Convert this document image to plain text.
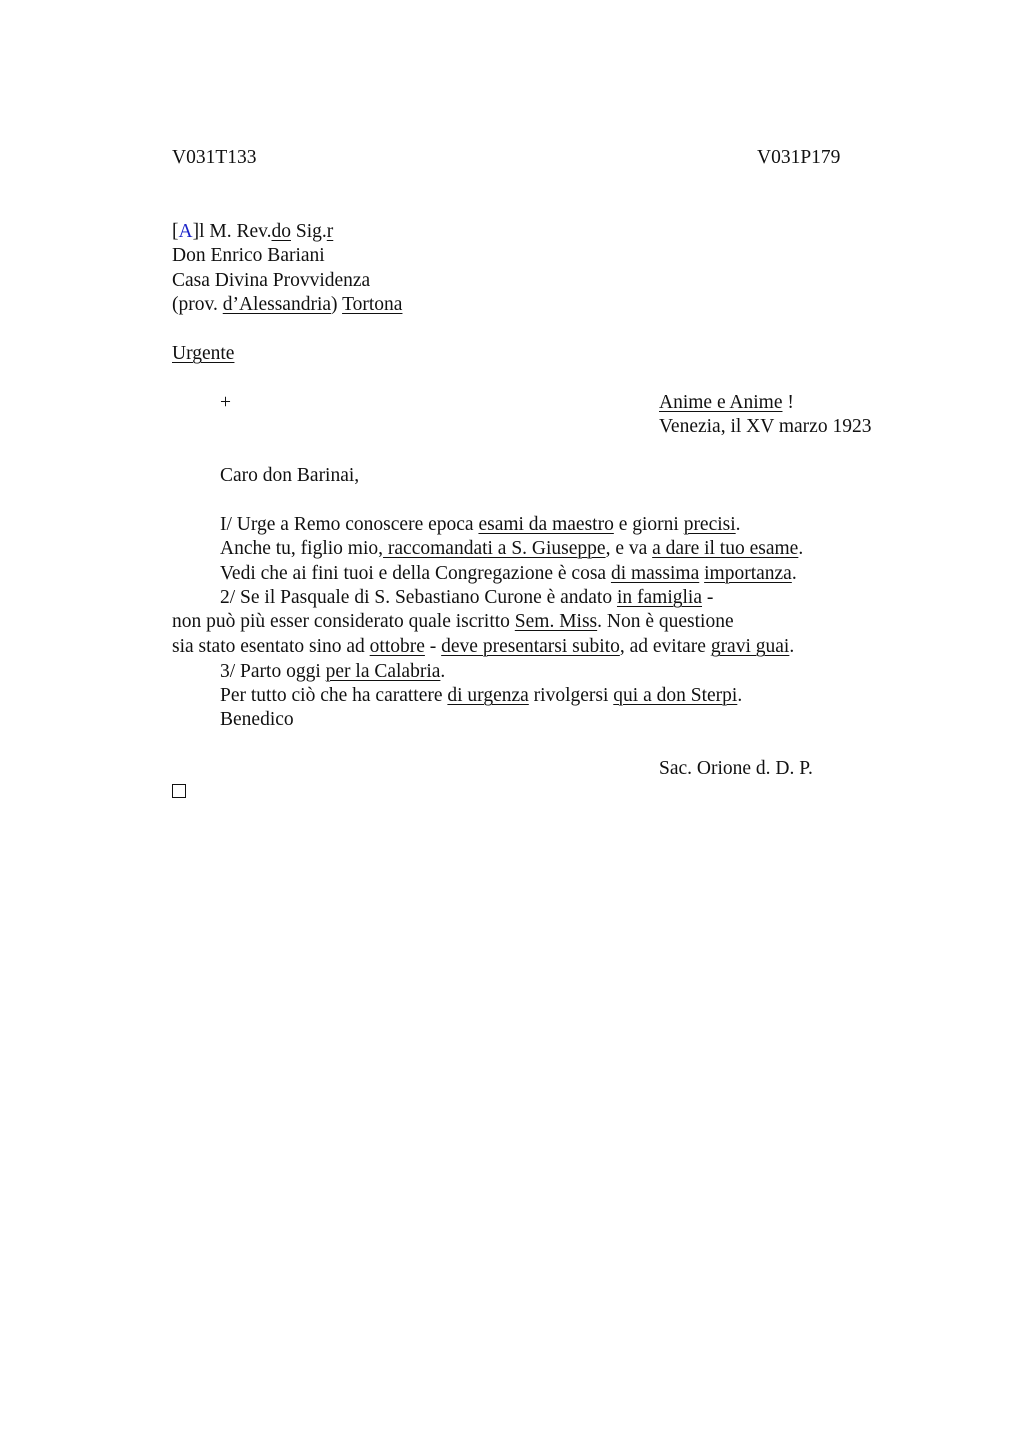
V031T133	V031P179
[A]l M. Rev.do Sig.r
Don Enrico Bariani
Casa Divina Provvidenza
(prov. d’Alessandria) Tortona
Urgente
+	Anime e Anime !
Venezia, il XV marzo 1923
Caro don Barinai,
I/ Urge a Remo conoscere epoca esami da maestro e giorni precisi.
Anche tu, figlio mio, raccomandati a S. Giuseppe, e va a dare il tuo esame.
Vedi che ai fini tuoi e della Congregazione è cosa di massima importanza.
2/ Se il Pasquale di S. Sebastiano Curone è andato in famiglia -
non può più esser considerato quale iscritto Sem. Miss. Non è questione
sia stato esentato sino ad ottobre - deve presentarsi subito, ad evitare gravi guai.
3/ Parto oggi per la Calabria.
Per tutto ciò che ha carattere di urgenza rivolgersi qui a don Sterpi.
Benedico
Sac. Orione d. D. P.
